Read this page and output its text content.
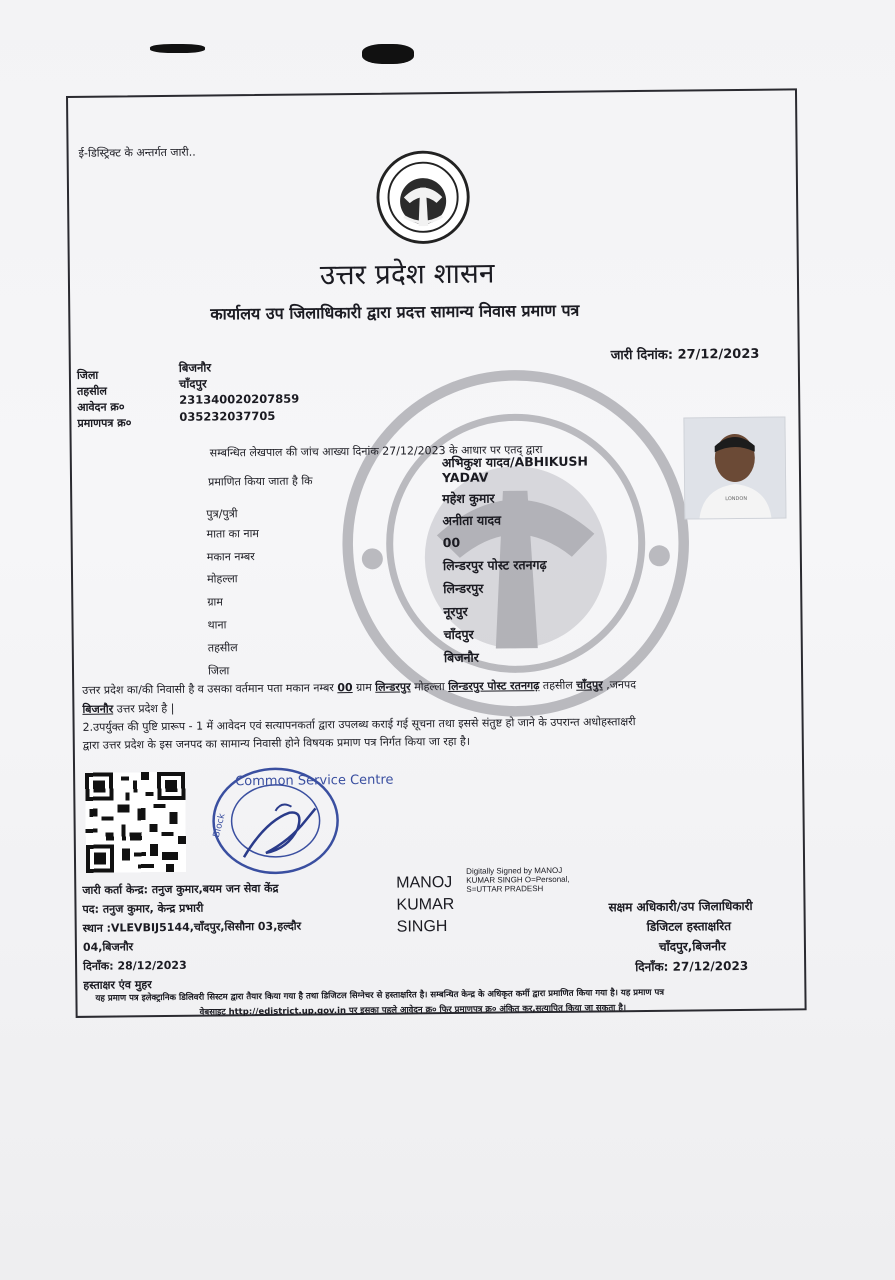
ई-डिस्ट्रिक्ट के अन्तर्गत जारी..
उत्तर प्रदेश शासन
कार्यालय उप जिलाधिकारी द्वारा प्रदत्त सामान्य निवास प्रमाण पत्र
जारी दिनांक: 27/12/2023
जिला
बिजनौर
तहसील
चाँदपुर
आवेदन क्र०
231340020207859
प्रमाणपत्र क्र०	035232037705
सम्बन्धित लेखपाल की जांच आख्या दिनांक 27/12/2023 के आधार पर एतद् द्वारा
प्रमाणित किया जाता है कि
अभिकुश यादव/ABHIKUSH
YADAV
पुत्र/पुत्री
महेश कुमार
माता का नाम
अनीता यादव
मकान नम्बर
00
मोहल्ला
लिन्डरपुर पोस्ट रतनगढ़
ग्राम
लिन्डरपुर
थाना
नूरपुर
तहसील
चाँदपुर
जिला
बिजनौर
LONDON
उत्तर प्रदेश का/की निवासी है व उसका वर्तमान पता मकान नम्बर 00 ग्राम लिन्डरपुर मोहल्ला लिन्डरपुर पोस्ट रतनगढ़ तहसील चाँदपुर ,जनपद
बिजनौर उत्तर प्रदेश है |
2.उपर्युक्त की पुष्टि प्रारूप - 1 में आवेदन एवं सत्यापनकर्ता द्वारा उपलब्ध कराई गई सूचना तथा इससे संतुष्ट हो जाने के उपरान्त अधोहस्ताक्षरी
द्वारा उत्तर प्रदेश के इस जनपद का सामान्य निवासी होने विषयक प्रमाण पत्र निर्गत किया जा रहा है।
Common Service Centre
Block
जारी कर्ता केन्द्र: तनुज कुमार,बयम जन सेवा केंद्र
पद: तनुज कुमार, केन्द्र प्रभारी
स्थान :VLEVBIJ5144,चाँदपुर,सिसौना 03,हल्दौर
04,बिजनौर
दिनाँक: 28/12/2023
हस्ताक्षर एंव मुहर
MANOJ
KUMAR
SINGH
Digitally Signed by MANOJ
KUMAR SINGH O=Personal,
S=UTTAR PRADESH
सक्षम अधिकारी/उप जिलाधिकारी
डिजिटल हस्ताक्षरित
चाँदपुर,बिजनौर
दिनाँक: 27/12/2023
यह प्रमाण पत्र इलेक्ट्रानिक डिलिवरी सिस्टम द्वारा तैयार किया गया है तथा डिजिटल सिग्नेचर से हस्ताक्षरित है। सम्बन्धित केन्द्र के अधिकृत कर्मी द्वारा प्रमाणित किया गया है। यह प्रमाण पत्र
वेबसाइट http://edistrict.up.gov.in पर इसका पहले आवेदन क्र० फिर प्रमाणपत्र क्र० अंकित कर,सत्यापित किया जा सकता है।
